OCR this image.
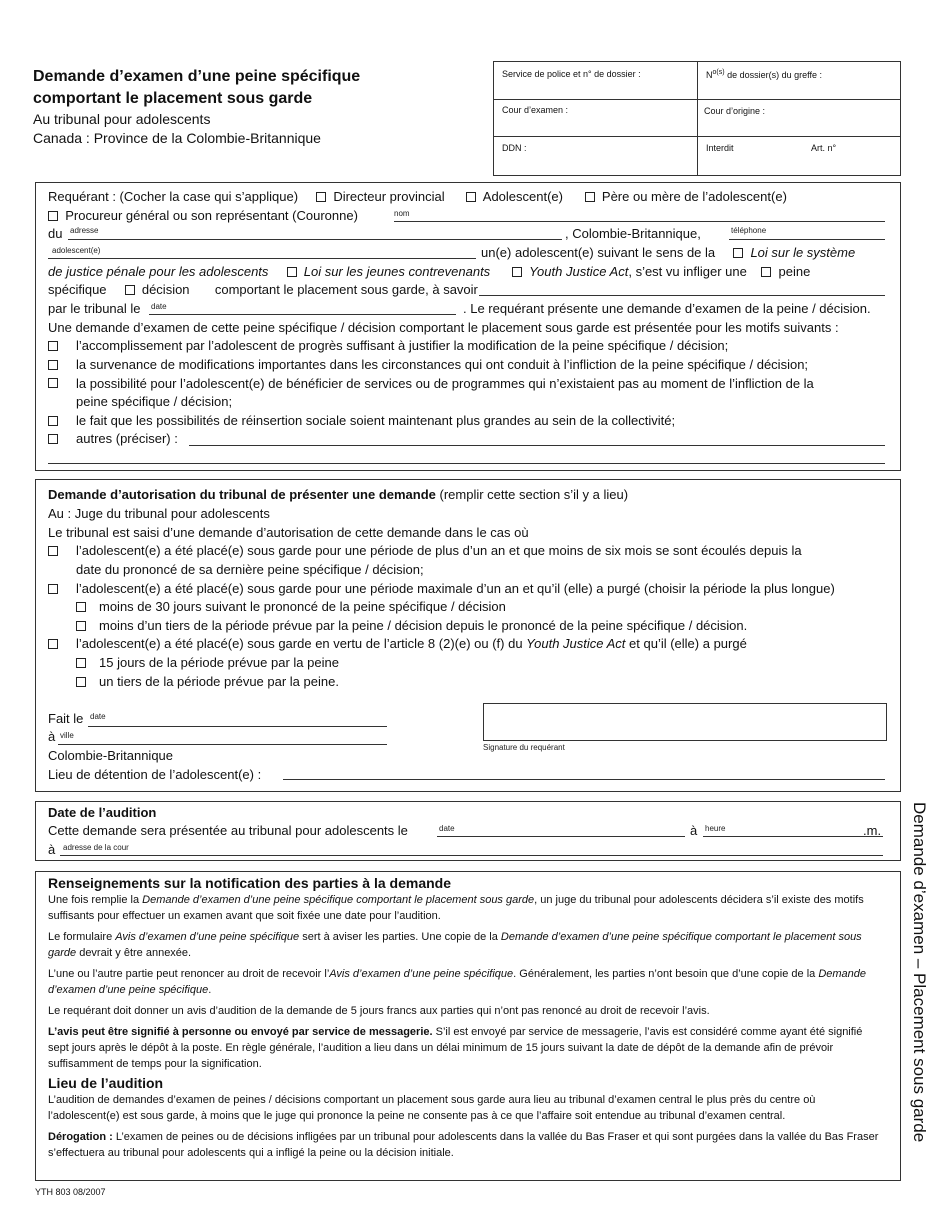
Demande d’examen d’une peine spécifique
comportant le placement sous garde
Au tribunal pour adolescents
Canada : Province de la Colombie-Britannique
Service de police et n° de dossier :	$N^{o(s)}$ de dossier(s) du greffe :
Cour d’examen :	Cour d’origine :
DDN :	Interdit	Art. n°
Requérant : (Cocher la case qui s’applique)	Directeur provincial	Adolescent(e)	Père ou mère de l’adolescent(e)
Procureur général ou son représentant (Couronne)	nom
du adresse	, Colombie-Britannique,	téléphone
adolescent(e)	un(e) adolescent(e) suivant le sens de la	Loi sur le système
de justice pénale pour les adolescents	Loi sur les jeunes contrevenants	Youth Justice Act, s’est vu infliger une peine
spécifique	décision comportant le placement sous garde, à savoir
par le tribunal le date	. Le requérant présente une demande d’examen de la peine / décision.
Une demande d’examen de cette peine spécifique / décision comportant le placement sous garde est présentée pour les motifs suivants :
l’accomplissement par l’adolescent de progrès suffisant à justifier la modification de la peine spécifique / décision;
la survenance de modifications importantes dans les circonstances qui ont conduit à l’infliction de la peine spécifique / décision;
la possibilité pour l’adolescent(e) de bénéficier de services ou de programmes qui n’existaient pas au moment de l’infliction de la
peine spécifique / décision;
le fait que les possibilités de réinsertion sociale soient maintenant plus grandes au sein de la collectivité;
autres (préciser) :
Demande d’autorisation du tribunal de présenter une demande (remplir cette section s’il y a lieu)
Au : Juge du tribunal pour adolescents
Le tribunal est saisi d’une demande d’autorisation de cette demande dans le cas où
l’adolescent(e) a été placé(e) sous garde pour une période de plus d’un an et que moins de six mois se sont écoulés depuis la
date du prononcé de sa dernière peine spécifique / décision;
l’adolescent(e) a été placé(e) sous garde pour une période maximale d’un an et qu’il (elle) a purgé (choisir la période la plus longue)
moins de 30 jours suivant le prononcé de la peine spécifique / décision
moins d’un tiers de la période prévue par la peine / décision depuis le prononcé de la peine spécifique / décision.
l’adolescent(e) a été placé(e) sous garde en vertu de l’article 8 (2)(e) ou (f) du Youth Justice Act et qu’il (elle) a purgé
15 jours de la période prévue par la peine
un tiers de la période prévue par la peine.
Fait le date
à ville
Colombie-Britannique
Lieu de détention de l’adolescent(e) :
Signature du requérant
Date de l’audition
Cette demande sera présentée au tribunal pour adolescents le	date	à heure	.m.
à adresse de la cour
Renseignements sur la notification des parties à la demande

Une fois remplie la Demande d’examen d’une peine spécifique comportant le placement sous garde, un juge du tribunal pour adolescents décidera s’il existe des motifs suffisants pour effectuer un examen avant que soit fixée une date pour l’audition.

Le formulaire Avis d’examen d’une peine spécifique sert à aviser les parties. Une copie de la Demande d’examen d’une peine spécifique comportant le placement sous garde devrait y être annexée.

L’une ou l’autre partie peut renoncer au droit de recevoir l’Avis d’examen d’une peine spécifique. Généralement, les parties n’ont besoin que d’une copie de la Demande d’examen d’une peine spécifique.

Le requérant doit donner un avis d’audition de la demande de 5 jours francs aux parties qui n’ont pas renoncé au droit de recevoir l’avis.

L’avis peut être signifié à personne ou envoyé par service de messagerie. S’il est envoyé par service de messagerie, l’avis est considéré comme ayant été signifié sept jours après le dépôt à la poste. En règle générale, l’audition a lieu dans un délai minimum de 15 jours suivant la date de dépôt de la demande afin de prévoir suffisamment de temps pour la signification.

Lieu de l’audition

L’audition de demandes d’examen de peines / décisions comportant un placement sous garde aura lieu au tribunal d’examen central le plus près du centre où l’adolescent(e) est sous garde, à moins que le juge qui prononce la peine ne consente pas à ce que l’affaire soit entendue au tribunal d’examen central.

Dérogation : L’examen de peines ou de décisions infligées par un tribunal pour adolescents dans la vallée du Bas Fraser et qui sont purgées dans la vallée du Bas Fraser s’effectuera au tribunal pour adolescents qui a infligé la peine ou la décision initiale.

Demande d’examen – Placement sous garde
YTH 803 08/2007
